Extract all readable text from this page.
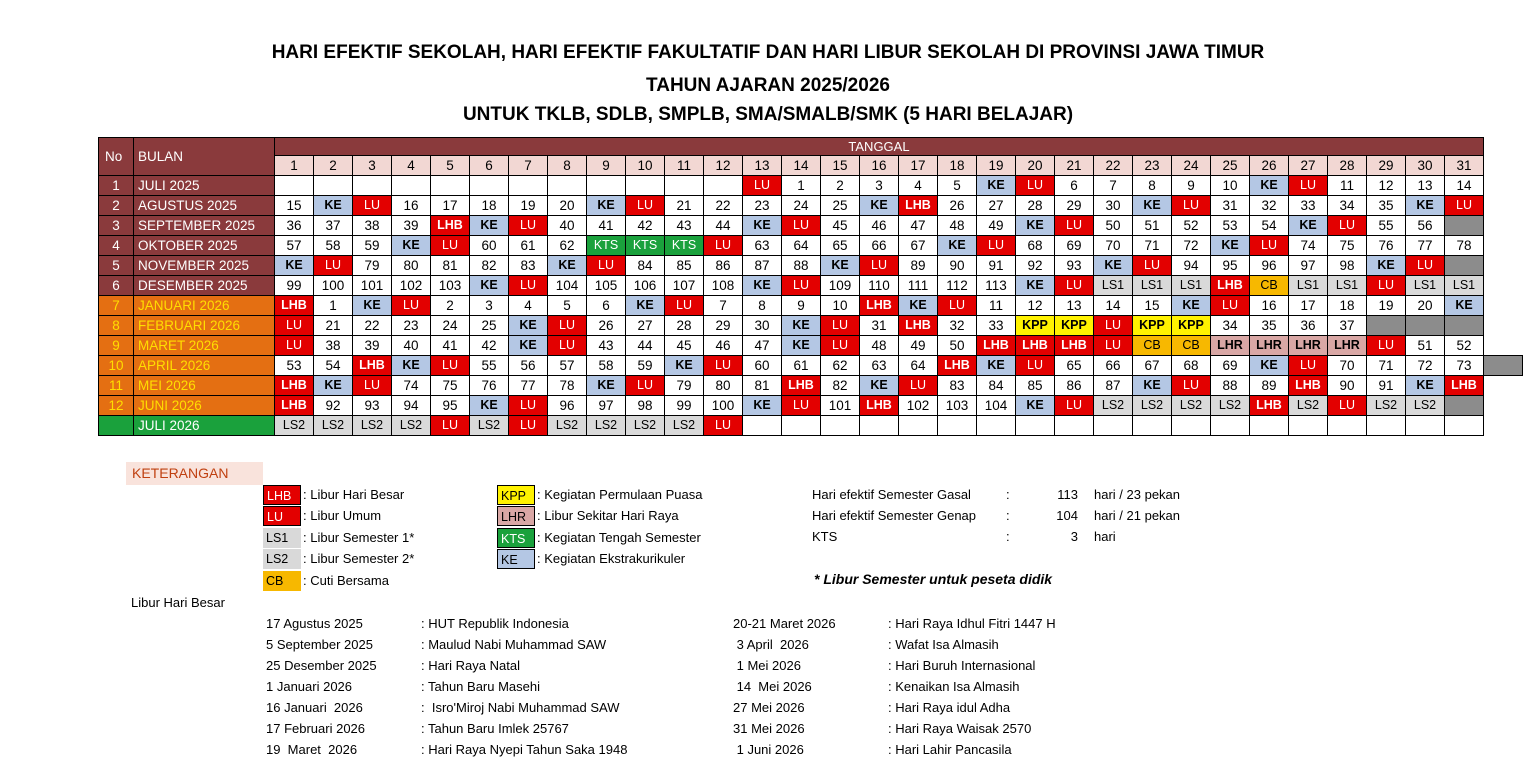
HARI EFEKTIF SEKOLAH, HARI EFEKTIF FAKULTATIF DAN HARI LIBUR SEKOLAH DI PROVINSI JAWA TIMUR
TAHUN AJARAN 2025/2026
UNTUK TKLB, SDLB, SMPLB, SMA/SMALB/SMK (5 HARI BELAJAR)
No	BULAN	TANGGAL																															
		1	2	3	4	5	6	7	8	9	10	11	12	13	14	15	16	17	18	19	20	21	22	23	24	25	26	27	28	29	30	31	
1	JULI 2025													LU	1	2	3	4	5	KE	LU	6	7	8	9	10	KE	LU	11	12	13	14	
2	AGUSTUS 2025	15	KE	LU	16	17	18	19	20	KE	LU	21	22	23	24	25	KE	LHB	26	27	28	29	30	KE	LU	31	32	33	34	35	KE	LU	
3	SEPTEMBER 2025	36	37	38	39	LHB	KE	LU	40	41	42	43	44	KE	LU	45	46	47	48	49	KE	LU	50	51	52	53	54	KE	LU	55	56		
4	OKTOBER 2025	57	58	59	KE	LU	60	61	62	KTS	KTS	KTS	LU	63	64	65	66	67	KE	LU	68	69	70	71	72	KE	LU	74	75	76	77	78	
5	NOVEMBER 2025	KE	LU	79	80	81	82	83	KE	LU	84	85	86	87	88	KE	LU	89	90	91	92	93	KE	LU	94	95	96	97	98	KE	LU		
6	DESEMBER 2025	99	100	101	102	103	KE	LU	104	105	106	107	108	KE	LU	109	110	111	112	113	KE	LU	LS1	LS1	LS1	LHB	CB	LS1	LS1	LU	LS1	LS1	
7	JANUARI 2026	LHB	1	KE	LU	2	3	4	5	6	KE	LU	7	8	9	10	LHB	KE	LU	11	12	13	14	15	KE	LU	16	17	18	19	20	KE	
8	FEBRUARI 2026	LU	21	22	23	24	25	KE	LU	26	27	28	29	30	KE	LU	31	LHB	32	33	KPP	KPP	LU	KPP	KPP	34	35	36	37				
9	MARET 2026	LU	38	39	40	41	42	KE	LU	43	44	45	46	47	KE	LU	48	49	50	LHB	LHB	LHB	LU	CB	CB	LHR	LHR	LHR	LHR	LU	51	52	
10	APRIL 2026	53	54	LHB	KE	LU	55	56	57	58	59	KE	LU	60	61	62	63	64	LHB	KE	LU	65	66	67	68	69	KE	LU	70	71	72	73	
11	MEI 2026	LHB	KE	LU	74	75	76	77	78	KE	LU	79	80	81	LHB	82	KE	LU	83	84	85	86	87	KE	LU	88	89	LHB	90	91	KE	LHB	
12	JUNI 2026	LHB	92	93	94	95	KE	LU	96	97	98	99	100	KE	LU	101	LHB	102	103	104	KE	LU	LS2	LS2	LS2	LS2	LHB	LS2	LU	LS2	LS2		
	JULI 2026	LS2	LS2	LS2	LS2	LU	LS2	LU	LS2	LS2	LS2	LS2	LU																				
KETERANGAN
LHB : Libur Hari Besar
LU	: Libur Umum
LS1	: Libur Semester 1*
LS2	: Libur Semester 2*
CB	: Cuti Bersama
KPP : Kegiatan Permulaan Puasa
LHR : Libur Sekitar Hari Raya
KTS : Kegiatan Tengah Semester
KE	: Kegiatan Ekstrakurikuler
Hari efektif Semester Gasal	:	113 hari / 23 pekan
Hari efektif Semester Genap :	104 hari / 21 pekan
KTS	:	3 hari
* Libur Semester untuk peseta didik
Libur Hari Besar
17 Agustus 2025	: HUT Republik Indonesia
5 September 2025	: Maulud Nabi Muhammad SAW
25 Desember 2025	: Hari Raya Natal
1 Januari 2026	: Tahun Baru Masehi
16 Januari  2026	:  Isro'Miroj Nabi Muhammad SAW
17 Februari 2026	: Tahun Baru Imlek 25767
19  Maret  2026	: Hari Raya Nyepi Tahun Saka 1948
20-21 Maret 2026	: Hari Raya Idhul Fitri 1447 H
3 April  2026	: Wafat Isa Almasih
1 Mei 2026	: Hari Buruh Internasional
14  Mei 2026	: Kenaikan Isa Almasih
27 Mei 2026	: Hari Raya idul Adha
31 Mei 2026	: Hari Raya Waisak 2570
1 Juni 2026	: Hari Lahir Pancasila
